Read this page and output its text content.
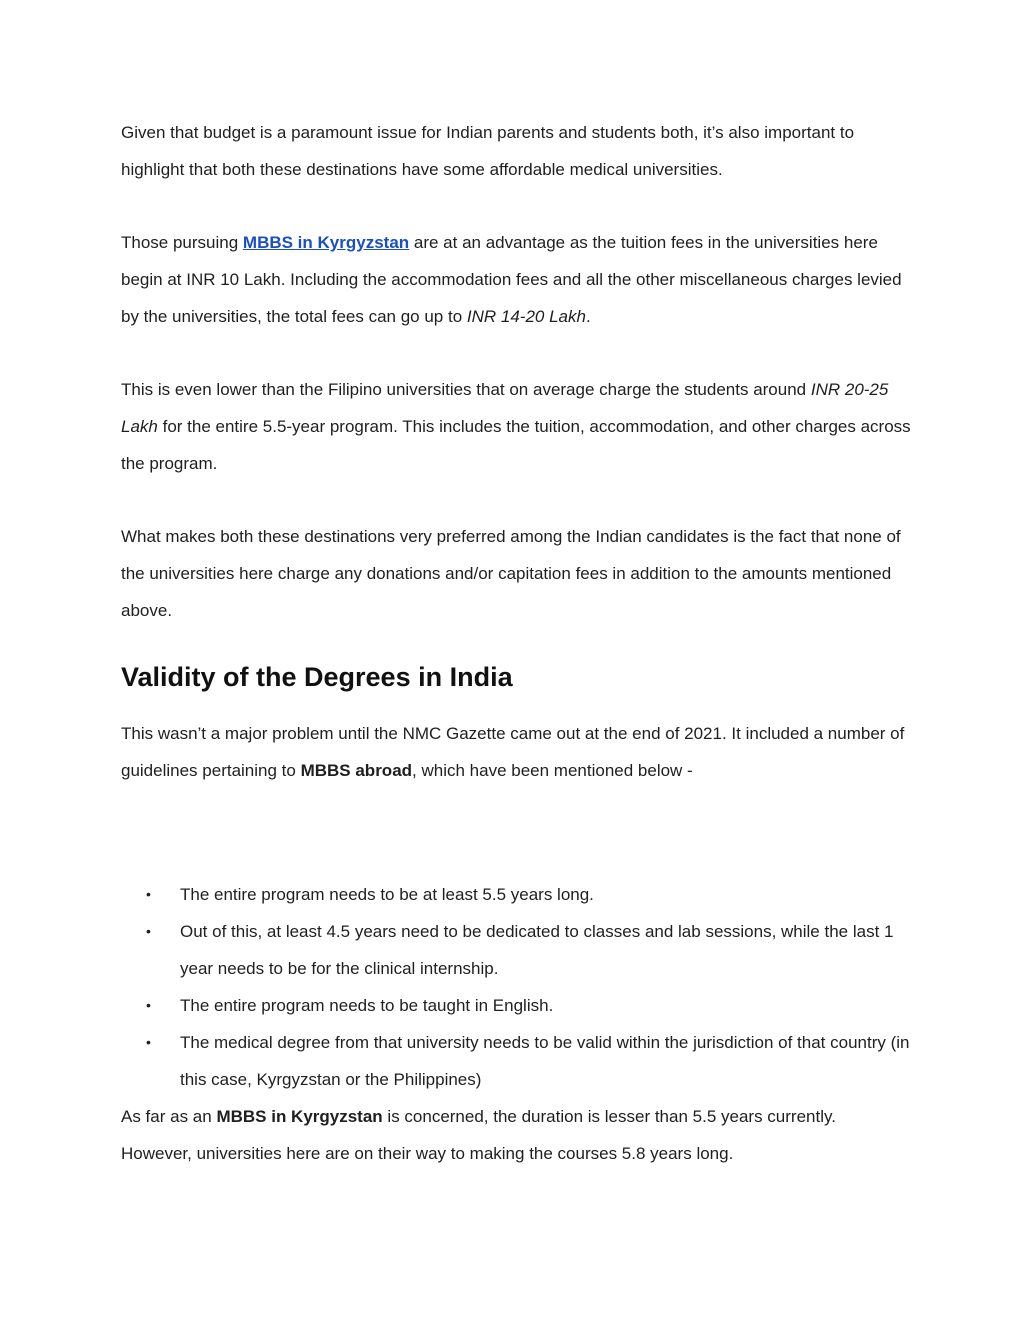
Given that budget is a paramount issue for Indian parents and students both, it’s also important to highlight that both these destinations have some affordable medical universities.

Those pursuing MBBS in Kyrgyzstan are at an advantage as the tuition fees in the universities here begin at INR 10 Lakh. Including the accommodation fees and all the other miscellaneous charges levied by the universities, the total fees can go up to INR 14-20 Lakh.

This is even lower than the Filipino universities that on average charge the students around INR 20-25 Lakh for the entire 5.5-year program. This includes the tuition, accommodation, and other charges across the program.

What makes both these destinations very preferred among the Indian candidates is the fact that none of the universities here charge any donations and/or capitation fees in addition to the amounts mentioned above.

Validity of the Degrees in India

This wasn’t a major problem until the NMC Gazette came out at the end of 2021. It included a number of guidelines pertaining to MBBS abroad, which have been mentioned below -

• The entire program needs to be at least 5.5 years long.
• Out of this, at least 4.5 years need to be dedicated to classes and lab sessions, while the last 1 year needs to be for the clinical internship.
• The entire program needs to be taught in English.
• The medical degree from that university needs to be valid within the jurisdiction of that country (in this case, Kyrgyzstan or the Philippines)

As far as an MBBS in Kyrgyzstan is concerned, the duration is lesser than 5.5 years currently. However, universities here are on their way to making the courses 5.8 years long.
